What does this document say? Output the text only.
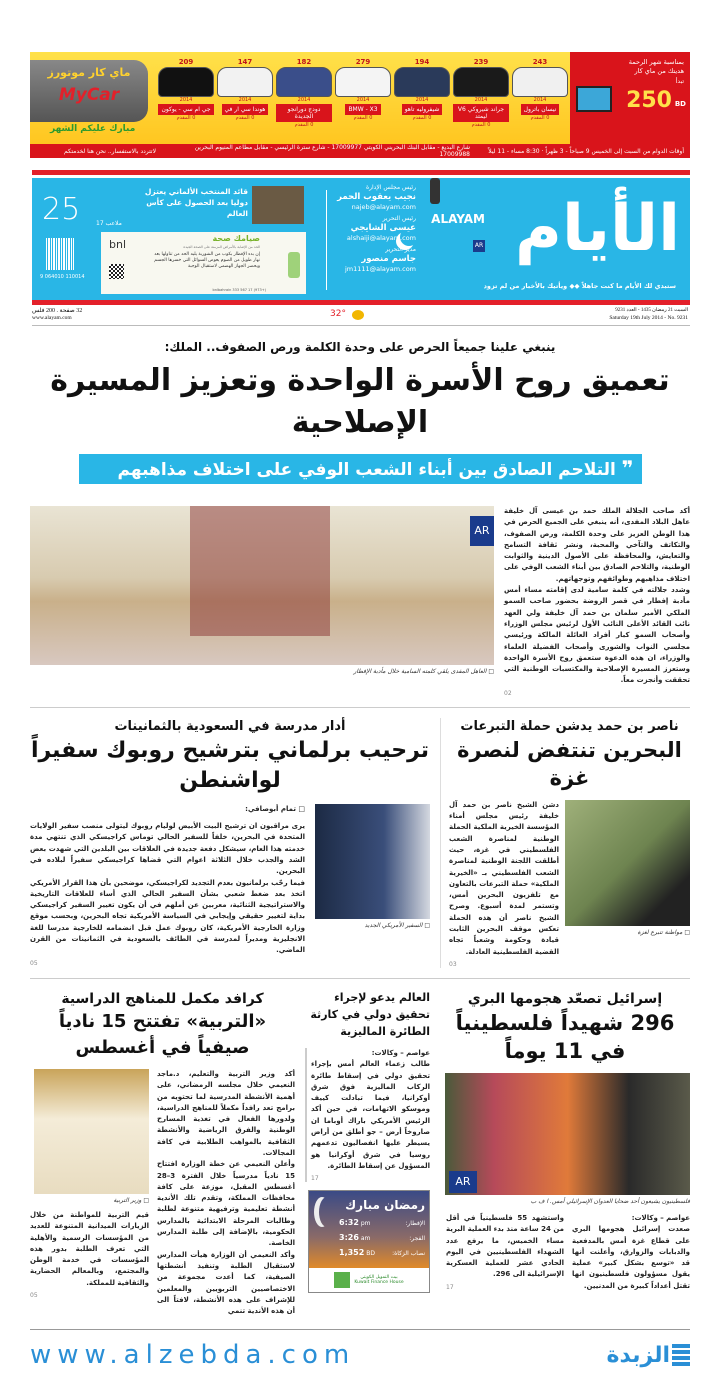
ماي كار موتورز
MyCar
مبارك عليكم الشهر
بمناسبة شهر الرحمة
هديتك من ماي كار
تبدأ
250 BD
243
2014
نيسان باترول
0 المقدم
239
2014
جراند شيروكي V6 ليمتد
0 المقدم
194
2014
شيفروليه تاهو
0 المقدم
279
2014
BMW - X3
0 المقدم
182
2014
دودج دورانجو الجديدة
0 المقدم
147
2014
هوندا سي ار في
0 المقدم
209
2014
جي ام سي - يوكون
0 المقدم
أوقات الدوام من السبت إلى الخميس 9 صباحاً - 3 ظهراً · 8:30 مساء - 11 ليلاً
شارع البديع - مقابل البنك البحريني الكويتي 17009977 - شارع سترة الرئيسي - مقابل مطاعم المنيوم البحرين 17009988
لاتتردد بالاستفسار.. نحن هنا لخدمتكم
الأيام
ALAYAM
AR
ستبدي لك الأيام ما كنت جاهلاً ◆◆ ويأتيك بالأخبار من لم تزود
رئيس مجلس الإدارة
نجيب يعقوب الحمر
najeb@alayam.com
رئيس التحرير
عيسى الشايجي
alshaiji@alayam.com
مدير التحرير
جاسم منصور
jm1111@alayam.com
قائد المنتخب الألماني يعتزل دوليا بعد الحصول على كأس العالم
ملاعب 17
25
9 064010 110014
صيامك صحة
الحد من الإصابة بالأمراض المزمنة على الصحة الجيدة
إن بدء الإفطار بكوب من الشوربة يليه الحد من تناولها بعد نهار طويل من الصوم يعوض السوائل التي خسرها الجسم ويحضر الجهاز الهضمي لاستقبال الوجبة
bnl
(+973) 17 567 333 bnlbahrain
السبت 21 رمضان 1435 - العدد 9231
Saturday 19th July 2014 - No. 9231
32°
32 صفحة . 200 فلس
www.alayam.com
ينبغي علينا جميعاً الحرص على وحدة الكلمة ورص الصفوف.. الملك:
تعميق روح الأسرة الواحدة وتعزيز المسيرة الإصلاحية
❞ التلاحم الصادق بين أبناء الشعب الوفي على اختلاف مذاهبهم

أكد صاحب الجلالة الملك حمد بن عيسى آل خليفة عاهل البلاد المفدى، أنه ينبغي على الجميع الحرص في هذا الوطن العزيز على وحدة الكلمة، ورص الصفوف، والتكاتف والتآخي والمحبة، ونشر ثقافة التسامح والتعايش، والمحافظة على الأصول الدينية والثوابت الوطنية، والتلاحم الصادق بين أبناء الشعب الوفي على اختلاف مذاهبهم وطوائفهم وتوجهاتهم.

وشدد جلالته في كلمة سامية لدى إقامته مساء أمس مأدبة إفطار في قصر الروضة بحضور صاحب السمو الملكي الأمير سلمان بن حمد آل خليفة ولي العهد نائب القائد الأعلى النائب الأول لرئيس مجلس الوزراء وأصحاب السمو كبار أفراد العائلة المالكة ورئيسي مجلسي النواب والشورى وأصحاب الفضيلة العلماء والوزراء، ان هذه الدعوة ستعمق روح الأسرة الواحدة وستعزز المسيرة الإصلاحية والمكتسبات الوطنية التي تحققت وأنجزت معاً.

02
AR
□ العاهل المفدى يلقي كلمته السامية خلال مأدبة الإفطار
ناصر بن حمد يدشن حملة التبرعات
البحرين تنتفض لنصرة غزة
□ مواطنة تتبرع لغزة
دشن الشيخ ناصر بن حمد آل خليفة رئيس مجلس أمناء المؤسسة الخيرية الملكية الحملة الوطنية لمناصرة الشعب الفلسطيني في غزة، حيث أطلقت اللجنة الوطنية لمناصرة الشعب الفلسطيني بـ «الخيرية الملكية» حملة التبرعات بالتعاون مع تلفزيون البحرين أمس، وتستمر لمدة أسبوع. وصرح الشيخ ناصر أن هذه الحملة تعكس موقف البحرين الثابت قيادة وحكومة وشعباً تجاه القضية الفلسطينية العادلة.
03
أدار مدرسة في السعودية بالثمانينات
ترحيب برلماني بترشيح روبوك سفيراً لواشنطن
□ السفير الأمريكي الجديد
□ تمام أبوصافي:

يرى مراقبون ان ترشيح البيت الأبيض لوليام روبوك ليتولى منصب سفير الولايات المتحدة في البحرين، خلفاً للسفير الحالي توماس كراجيسكي الذي تنتهي مدة خدمته هذا العام، سيشكل دفعة جديدة في العلاقات بين البلدين التي شهدت بعض الشد والجذب خلال الثلاثة اعوام التي قضاها كراجيسكي سفيراً لبلاده في البحرين.

فيما رحّب برلمانيون بعدم التجديد لكراجيسكي، موضحين بأن هذا القرار الأمريكي اتخذ بعد ضغط شعبي بشأن السفير الحالي الذي أساء للعلاقات التاريخية والاستراتيجية الثنائية، معربين عن أملهم في أن يكون تغيير السفير كراجيسكي بداية لتغيير حقيقي وإيجابي في السياسة الأمريكية تجاه البحرين، وبحسب موقع وزارة الخارجية الأمريكية، كان روبوك عمل قبل انضمامه للخارجية مدرسا للغة الانجليزية ومديراً لمدرسة في الطائف بالسعودية في الثمانينات من القرن الماضي.

05
إسرائيل تصعّد هجومها البري
296 شهيداً فلسطينياً في 11 يوماً
AR
فلسطينيون يشيعون أحد ضحايا العدوان الإسرائيلي أمس. ا ف ب
عواصم – وكالات:
صعدت إسرائيل هجومها البري على قطاع غزة أمس بالمدفعية والدبابات والزوارق، وأعلنت أنها قد «توسع بشكل كبير» عملية يقول مسؤولون فلسطينيون انها تقتل أعداداً كبيرة من المدنيين.
واستشهد 55 فلسطينياً في أقل من 24 ساعة منذ بدء العملية البرية مساء الخميس، ما يرفع عدد الشهداء الفلسطينيين في اليوم الحادي عشر للعملية العسكرية الإسرائيلية الى 296.
17
العالم يدعو لإجراء تحقيق دولي في كارثة الطائرة الماليزية
عواصم – وكالات:
طالب زعماء العالم أمس بإجراء تحقيق دولي في إسقاط طائرة الركاب الماليزية فوق شرق أوكرانيا، فيما تبادلت كييف وموسكو الاتهامات، في حين أكد الرئيس الأمريكي باراك أوباما ان صاروخاً أرض – جو أطلق من أراض يسيطر عليها انفصاليون تدعمهم روسيا في شرق أوكرانيا هو المسؤول عن إسقاط الطائرة.
17
رمضان مبارك
الإفطار:
6:32 pm
الفجر:
3:26 am
نصاب الزكاة:
1,352 BD
بيت التمويل الكويتي
Kuwait Finance House
كرافد مكمل للمناهج الدراسية
«التربية» تفتتح 15 نادياً صيفياً في أغسطس

أكد وزير التربية والتعليم، د.ماجد النعيمي خلال مجلسه الرمضاني، على أهمية الأنشطة المدرسية لما تحتويه من برامج تعد رافداً مكملاً للمناهج الدراسية، ولدورها الفعال في تغذية المسارح الوطنية والفرق الرياضية والأنشطة الثقافية بالمواهب الطلابية في كافة المجالات.

وأعلن النعيمي عن خطة الوزارة افتتاح 15 نادياً مدرسياً خلال الفترة 3–28 أغسطس المقبل، موزعة على كافة محافظات المملكة، وتقدم تلك الأندية أنشطة تعليمية وترفيهية متنوعة لطلبة وطالبات المرحلة الابتدائية بالمدارس الحكومية، بالإضافة إلى طلبة المدارس الخاصة.

وأكد النعيمي أن الوزارة هيأت المدارس لاستقبال الطلبة وتنفيذ أنشطتها الصيفية، كما أعدت مجموعة من الاختصاصيين التربويين والمعلمين للإشراف على هذه الأنشطة، لافتاً الى أن هذه الأندية تنمي

□ وزير التربية
قيم التربية للمواطنة من خلال الزيارات الميدانية المتنوعة للعديد من المؤسسات الرسمية والأهلية التي تعرف الطلبة بدور هذه المؤسسات في خدمة الوطن والمجتمع، وبالمعالم الحضارية والثقافية للمملكة.
05
www.alzebda.com	الزبدة
